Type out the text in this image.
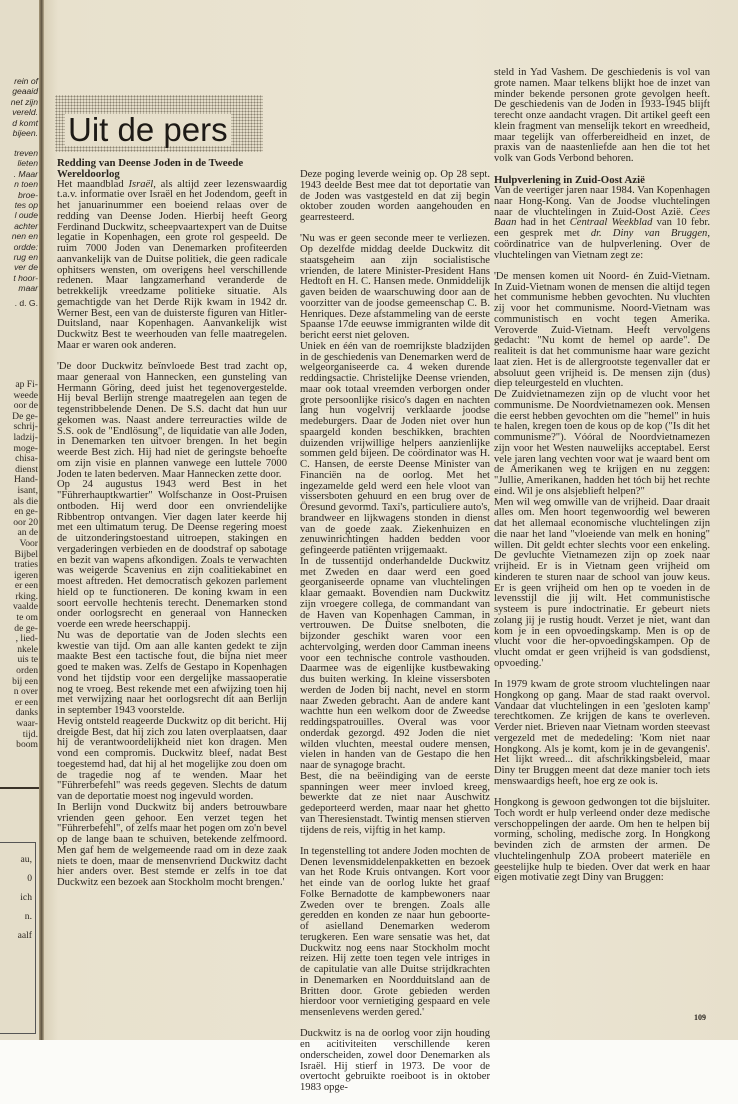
rein of
geaaid
net zijn
vereld.
d komt
bijeen.
treven
lieten
. Maar
n toen
broe-
tes op
l oude
achter
nen en
ordde:
rug en
ver de
t hoor-
maar
. d. G.
ap Fi-
weede
oor de
De ge-
schrij-
ladzij-
moge-
chisa-
dienst
Hand-
isant,
als die
en ge-
oor 20
an de
Voor
Bijbel
traties
igeren
er een
rking.
vaalde
te om
de ge-
, lied-
nkele
uis te
orden
bij een
n over
er een
danks
waar-
tijd.
boom
au,
0
ich
n.
aalf
Uit de pers
Redding van Deense Joden in de Tweede Wereldoorlog

Het maandblad Israël, als altijd zeer lezenswaardig t.a.v. informatie over Israël en het Jodendom, geeft in het januarinummer een boeiend relaas over de redding van Deense Joden. Hierbij heeft Georg Ferdinand Duckwitz, scheepvaartexpert van de Duitse legatie in Kopenhagen, een grote rol gespeeld. De ruim 7000 Joden van Denemarken profiteerden aanvankelijk van de Duitse politiek, die geen radicale ophitsers wensten, om overigens heel verschillende redenen. Maar langzamerhand veranderde de betrekkelijk vreedzame politieke situatie. Als gemachtigde van het Derde Rijk kwam in 1942 dr. Werner Best, een van de duisterste figuren van Hitler-Duitsland, naar Kopenhagen. Aanvankelijk wist Duckwitz Best te weerhouden van felle maatregelen. Maar er waren ook anderen.

'De door Duckwitz beïnvloede Best trad zacht op, maar generaal von Hannecken, een gunsteling van Hermann Göring, deed juist het tegenovergestelde. Hij beval Berlijn strenge maatregelen aan tegen de tegenstribbelende Denen. De S.S. dacht dat hun uur gekomen was. Naast andere terreuracties wilde de S.S. ook de "Endlösung", de liquidatie van alle Joden, in Denemarken ten uitvoer brengen. In het begin weerde Best zich. Hij had niet de geringste behoefte om zijn visie en plannen vanwege een luttele 7000 Joden te laten bederven. Maar Hannecken zette door.

Op 24 augustus 1943 werd Best in het "Führerhauptkwartier" Wolfschanze in Oost-Pruisen ontboden. Hij werd door een onvriendelijke Ribbentrop ontvangen. Vier dagen later keerde hij met een ultimatum terug. De Deense regering moest de uitzonderingstoestand uitroepen, stakingen en vergaderingen verbieden en de doodstraf op sabotage en bezit van wapens afkondigen. Zoals te verwachten was weigerde Scavenius en zijn coalitiekabinet en moest aftreden. Het democratisch gekozen parlement hield op te functioneren. De koning kwam in een soort eervolle hechtenis terecht. Denemarken stond onder oorlogsrecht en generaal von Hannecken voerde een wrede heerschappij.

Nu was de deportatie van de Joden slechts een kwestie van tijd. Om aan alle kanten gedekt te zijn maakte Best een tactische fout, die bijna niet meer goed te maken was. Zelfs de Gestapo in Kopenhagen vond het tijdstip voor een dergelijke massaoperatie nog te vroeg. Best rekende met een afwijzing toen hij met verwijzing naar het oorlogsrecht dit aan Berlijn in september 1943 voorstelde.

Hevig ontsteld reageerde Duckwitz op dit bericht. Hij dreigde Best, dat hij zich zou laten overplaatsen, daar hij de verantwoordelijkheid niet kon dragen. Men vond een compromis. Duckwitz bleef, nadat Best toegestemd had, dat hij al het mogelijke zou doen om de tragedie nog af te wenden. Maar het "Führerbefehl" was reeds gegeven. Slechts de datum van de deportatie moest nog ingevuld worden.

In Berlijn vond Duckwitz bij anders betrouwbare vrienden geen gehoor. Een verzet tegen het "Führerbefehl", of zelfs maar het pogen om zo'n bevel op de lange baan te schuiven, betekende zelfmoord. Men gaf hem de welgemeende raad om in deze zaak niets te doen, maar de mensenvriend Duckwitz dacht hier anders over. Best stemde er zelfs in toe dat Duckwitz een bezoek aan Stockholm mocht brengen.'

Deze poging leverde weinig op. Op 28 sept. 1943 deelde Best mee dat tot deportatie van de Joden was vastgesteld en dat zij begin oktober zouden worden aangehouden en gearresteerd.

'Nu was er geen seconde meer te verliezen. Op dezelfde middag deelde Duckwitz dit staatsgeheim aan zijn socialistische vrienden, de latere Minister-President Hans Hedtoft en H. C. Hansen mede. Onmiddelijk gaven beiden de waarschuwing door aan de voorzitter van de joodse gemeenschap C. B. Henriques. Deze afstammeling van de eerste Spaanse 17de eeuwse immigranten wilde dit bericht eerst niet geloven.

Uniek en één van de roemrijkste bladzijden in de geschiedenis van Denemarken werd de welgeorganiseerde ca. 4 weken durende reddingsactie. Christelijke Deense vrienden, maar ook totaal vreemden verborgen onder grote persoonlijke risico's dagen en nachten lang hun vogelvrij verklaarde joodse medeburgers. Daar de Joden niet over hun spaargeld konden beschikken, brachten duizenden vrijwillige helpers aanzienlijke sommen geld bijeen. De coördinator was H. C. Hansen, de eerste Deense Minister van Financiën na de oorlog. Met het ingezamelde geld werd een hele vloot van vissersboten gehuurd en een brug over de Öresund gevormd. Taxi's, particuliere auto's, brandweer en lijkwagens stonden in dienst van de goede zaak. Ziekenhuizen en zenuwinrichtingen hadden bedden voor gefingeerde patiënten vrijgemaakt.

In de tussentijd onderhandelde Duckwitz met Zweden en daar werd een goed georganiseerde opname van vluchtelingen klaar gemaakt. Bovendien nam Duckwitz zijn vroegere collega, de commandant van de Haven van Kopenhagen Camman, in vertrouwen. De Duitse snelboten, die bijzonder geschikt waren voor een achtervolging, werden door Camman ineens voor een technische controle vasthouden. Daarmee was de eigenlijke kustbewaking dus buiten werking. In kleine vissersboten werden de Joden bij nacht, nevel en storm naar Zweden gebracht. Aan de andere kant wachtte hun een welkom door de Zweedse reddingspatrouilles. Overal was voor onderdak gezorgd. 492 Joden die niet wilden vluchten, meestal oudere mensen, vielen in handen van de Gestapo die hen naar de synagoge bracht.

Best, die na beëindiging van de eerste spanningen weer meer invloed kreeg, bewerkte dat ze niet naar Auschwitz gedeporteerd werden, maar naar het ghetto van Theresienstadt. Twintig mensen stierven tijdens de reis, vijftig in het kamp.

In tegenstelling tot andere Joden mochten de Denen levensmiddelenpakketten en bezoek van het Rode Kruis ontvangen. Kort voor het einde van de oorlog lukte het graaf Folke Bernadotte de kampbewoners naar Zweden over te brengen. Zoals alle geredden en konden ze naar hun geboorte- of asielland Denemarken wederom terugkeren. Een ware sensatie was het, dat Duckwitz nog eens naar Stockholm mocht reizen. Hij zette toen tegen vele intriges in de capitulatie van alle Duitse strijdkrachten in Denemarken en Noordduitsland aan de Britten door. Grote gebieden werden hierdoor voor vernietiging gespaard en vele mensenlevens werden gered.'

Duckwitz is na de oorlog voor zijn houding en acitiviteiten verschillende keren onderscheiden, zowel door Denemarken als Israël. Hij stierf in 1973. De voor de overtocht gebruikte roeiboot is in oktober 1983 opge-

steld in Yad Vashem. De geschiedenis is vol van grote namen. Maar telkens blijkt hoe de inzet van minder bekende personen grote gevolgen heeft. De geschiedenis van de Joden in 1933-1945 blijft terecht onze aandacht vragen. Dit artikel geeft een klein fragment van menselijk tekort en wreedheid, maar tegelijk van offerbereidheid en inzet, de praxis van de naastenliefde aan hen die tot het volk van Gods Verbond behoren.

Hulpverlening in Zuid-Oost Azië

Van de veertiger jaren naar 1984. Van Kopenhagen naar Hong-Kong. Van de Joodse vluchtelingen naar de vluchtelingen in Zuid-Oost Azië. Cees Baan had in het Centraal Weekblad van 10 febr. een gesprek met dr. Diny van Bruggen, coördinatrice van de hulpverlening. Over de vluchtelingen van Vietnam zegt ze:

'De mensen komen uit Noord- én Zuid-Vietnam. In Zuid-Vietnam wonen de mensen die altijd tegen het communisme hebben gevochten. Nu vluchten zij voor het communisme. Noord-Vietnam was communistisch en vocht tegen Amerika. Veroverde Zuid-Vietnam. Heeft vervolgens gedacht: "Nu komt de hemel op aarde". De realiteit is dat het communisme haar ware gezicht laat zien. Het is de allergrootste tegenvaller dat er absoluut geen vrijheid is. De mensen zijn (dus) diep teleurgesteld en vluchten.

De Zuidvietnamezen zijn op de vlucht voor het communisme. De Noordvietnamezen ook. Mensen die eerst hebben gevochten om die "hemel" in huis te halen, kregen toen de kous op de kop ("Is dit het communisme?"). Vóóral de Noordvietnamezen zijn voor het Westen nauwelijks acceptabel. Eerst vele jaren lang vechten voor wat je waard bent om de Amerikanen weg te krijgen en nu zeggen: "Jullie, Amerikanen, hadden het tóch bij het rechte eind. Wil je ons alsjeblieft helpen?"

Men wil weg omwille van de vrijheid. Daar draait alles om. Men hoort tegenwoordig wel beweren dat het allemaal economische vluchtelingen zijn die naar het land "vloeiende van melk en honing" willen. Dit geldt echter slechts voor een enkeling. De gevluchte Vietnamezen zijn op zoek naar vrijheid. Er is in Vietnam geen vrijheid om kinderen te sturen naar de school van jouw keus. Er is geen vrijheid om hen op te voeden in de levensstijl die jij wilt. Het communistische systeem is pure indoctrinatie. Er gebeurt niets zolang jij je rustig houdt. Verzet je niet, want dan kom je in een opvoedingskamp. Men is op de vlucht voor die her-opvoedingskampen. Op de vlucht omdat er geen vrijheid is van godsdienst, opvoeding.'

In 1979 kwam de grote stroom vluchtelingen naar Hongkong op gang. Maar de stad raakt overvol. Vandaar dat vluchtelingen in een 'gesloten kamp' terechtkomen. Ze krijgen de kans te overleven. Verder niet. Brieven naar Vietnam worden steevast vergezeld met de mededeling: 'Kom niet naar Hongkong. Als je komt, kom je in de gevangenis'. Het lijkt wreed... dit afschrikkingsbeleid, maar Diny ter Bruggen meent dat deze manier toch iets menswaardigs heeft, hoe erg ze ook is.

Hongkong is gewoon gedwongen tot die bijsluiter. Toch wordt er hulp verleend onder deze medische verschoppelingen der aarde. Om hen te helpen bij vorming, scholing, medische zorg. In Hongkong bevinden zich de armsten der armen. De vluchtelingenhulp ZOA probeert materiële en geestelijke hulp te bieden. Over dat werk en haar eigen motivatie zegt Diny van Bruggen:

109
